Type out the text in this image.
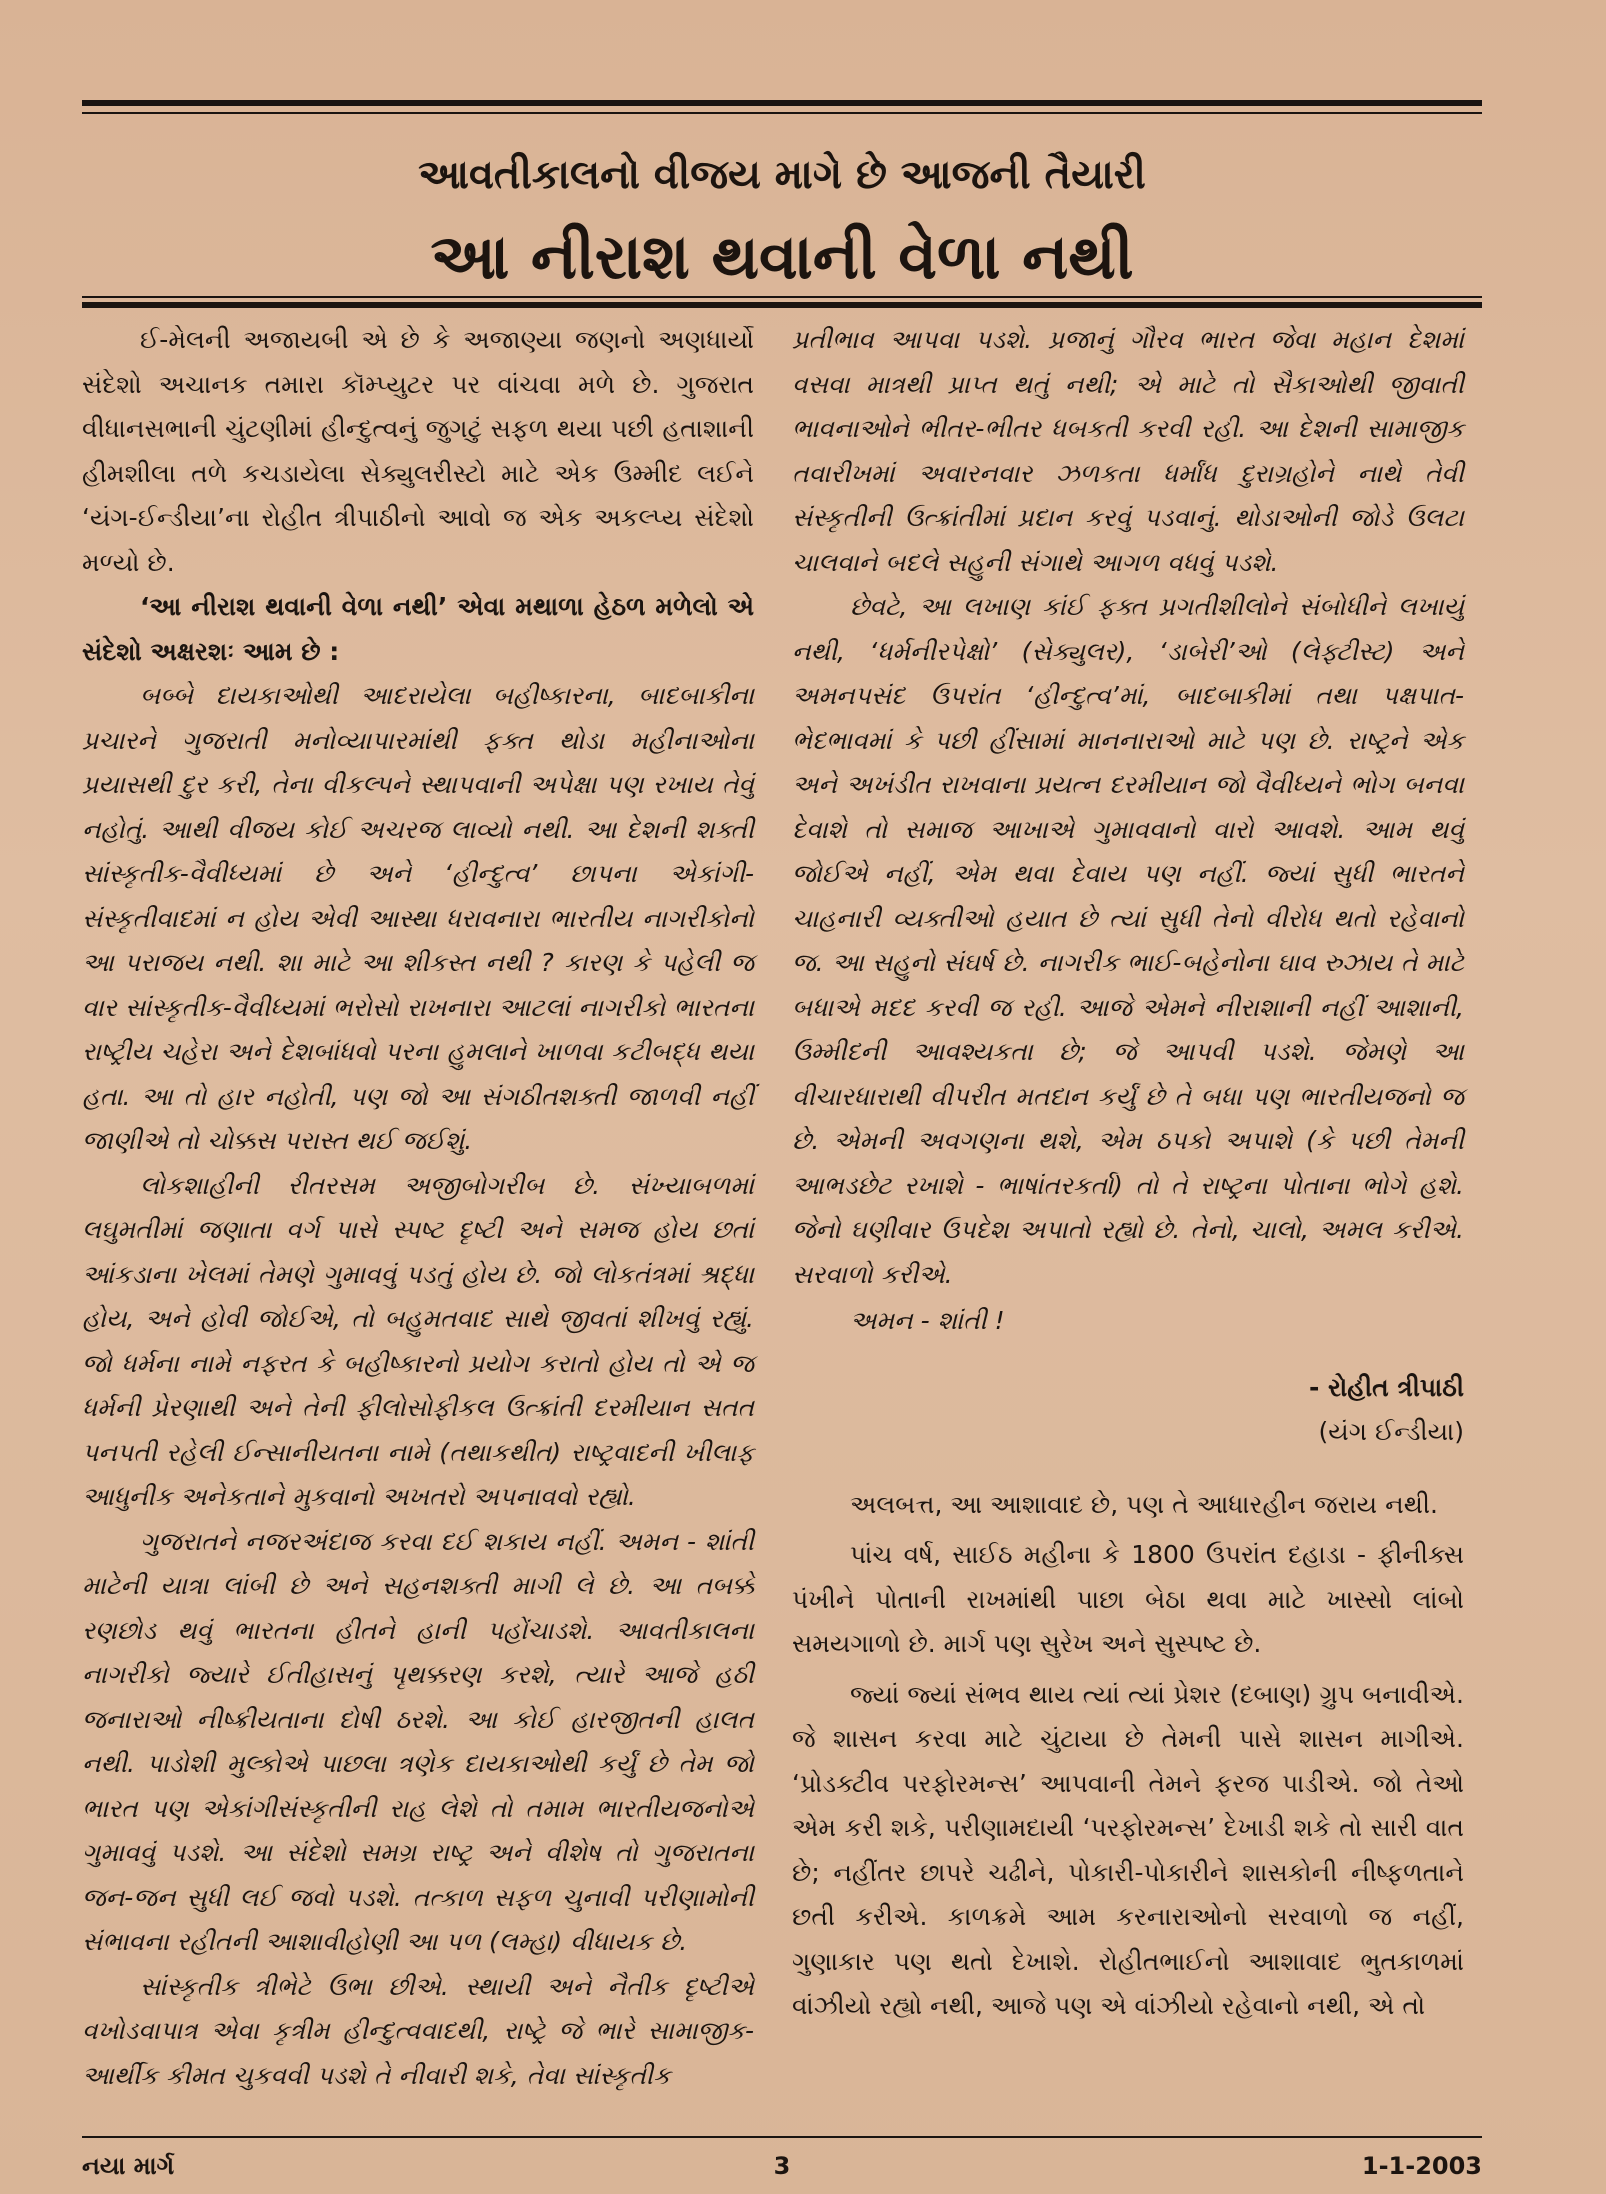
આવતીકાલનો વીજય માગે છે આજની તૈયારી
આ નીરાશ થવાની વેળા નથી

ઈ-મેલની અજાયબી એ છે કે અજાણ્યા જણનો અણધાર્યો સંદેશો અચાનક તમારા કૉમ્પ્યુટર પર વાંચવા મળે છે. ગુજરાત વીધાનસભાની ચુંટણીમાં હીન્દુત્વનું જુગટું સફળ થયા પછી હતાશાની હીમશીલા તળે કચડાયેલા સેક્યુલરીસ્ટો માટે એક ઉમ્મીદ લઈને ‘યંગ-ઈન્ડીયા’ના રોહીત ત્રીપાઠીનો આવો જ એક અકલ્પ્ય સંદેશો મળ્યો છે.

‘આ નીરાશ થવાની વેળા નથી’ એવા મથાળા હેઠળ મળેલો એ સંદેશો અક્ષરશઃ આમ છે :

બબ્બે દાયકાઓથી આદરાયેલા બહીષ્કારના, બાદબાકીના પ્રચારને ગુજરાતી મનોવ્યાપારમાંથી ફક્ત થોડા મહીનાઓના પ્રયાસથી દુર કરી, તેના વીકલ્પને સ્થાપવાની અપેક્ષા પણ રખાય તેવું નહોતું. આથી વીજય કોઈ અચરજ લાવ્યો નથી. આ દેશની શક્તી સાંસ્કૃતીક-વૈવીધ્યમાં છે અને ‘હીન્દુત્વ’ છાપના એકાંગી-સંસ્કૃતીવાદમાં ન હોય એવી આસ્થા ધરાવનારા ભારતીય નાગરીકોનો આ પરાજય નથી. શા માટે આ શીકસ્ત નથી ? કારણ કે પહેલી જ વાર સાંસ્કૃતીક-વૈવીધ્યમાં ભરોસો રાખનારા આટલાં નાગરીકો ભારતના રાષ્ટ્રીય ચહેરા અને દેશબાંધવો પરના હુમલાને ખાળવા કટીબદ્ધ થયા હતા. આ તો હાર નહોતી, પણ જો આ સંગઠીતશક્તી જાળવી નહીં જાણીએ તો ચોક્કસ પરાસ્ત થઈ જઈશું.

લોકશાહીની રીતરસમ અજીબોગરીબ છે. સંખ્યાબળમાં લઘુમતીમાં જણાતા વર્ગ પાસે સ્પષ્ટ દૃષ્ટી અને સમજ હોય છતાં આંકડાના ખેલમાં તેમણે ગુમાવવું પડતું હોય છે. જો લોકતંત્રમાં શ્રદ્ધા હોય, અને હોવી જોઈએ, તો બહુમતવાદ સાથે જીવતાં શીખવું રહ્યું. જો ધર્મના નામે નફરત કે બહીષ્કારનો પ્રયોગ કરાતો હોય તો એ જ ધર્મની પ્રેરણાથી અને તેની ફીલોસોફીકલ ઉત્ક્રાંતી દરમીયાન સતત પનપતી રહેલી ઈન્સાનીયતના નામે (તથાકથીત) રાષ્ટ્રવાદની ખીલાફ આધુનીક અનેકતાને મુકવાનો અખતરો અપનાવવો રહ્યો.

ગુજરાતને નજરઅંદાજ કરવા દઈ શકાય નહીં. અમન - શાંતી માટેની યાત્રા લાંબી છે અને સહનશક્તી માગી લે છે. આ તબક્કે રણછોડ થવું ભારતના હીતને હાની પહોંચાડશે. આવતીકાલના નાગરીકો જ્યારે ઈતીહાસનું પૃથક્કરણ કરશે, ત્યારે આજે હઠી જનારાઓ નીષ્ક્રીયતાના દોષી ઠરશે. આ કોઈ હારજીતની હાલત નથી. પાડોશી મુલ્કોએ પાછલા ત્રણેક દાયકાઓથી કર્યું છે તેમ જો ભારત પણ એકાંગીસંસ્કૃતીની રાહ લેશે તો તમામ ભારતીયજનોએ ગુમાવવું પડશે. આ સંદેશો સમગ્ર રાષ્ટ્ર અને વીશેષ તો ગુજરાતના જન-જન સુધી લઈ જવો પડશે. તત્કાળ સફળ ચુનાવી પરીણામોની સંભાવના રહીતની આશાવીહોણી આ પળ (લમ્હા) વીધાયક છે.

સાંસ્કૃતીક ત્રીભેટે ઉભા છીએ. સ્થાયી અને નૈતીક દૃષ્ટીએ વખોડવાપાત્ર એવા કૃત્રીમ હીન્દુત્વવાદથી, રાષ્ટ્રે જે ભારે સામાજીક-આર્થીક કીમત ચુકવવી પડશે તે નીવારી શકે, તેવા સાંસ્કૃતીક

પ્રતીભાવ આપવા પડશે. પ્રજાનું ગૌરવ ભારત જેવા મહાન દેશમાં વસવા માત્રથી પ્રાપ્ત થતું નથી; એ માટે તો સૈકાઓથી જીવાતી ભાવનાઓને ભીતર-ભીતર ધબકતી કરવી રહી. આ દેશની સામાજીક તવારીખમાં અવારનવાર ઝળકતા ધર્માંધ દુરાગ્રહોને નાથે તેવી સંસ્કૃતીની ઉત્ક્રાંતીમાં પ્રદાન કરવું પડવાનું. થોડાઓની જોડે ઉલટા ચાલવાને બદલે સહુની સંગાથે આગળ વધવું પડશે.

છેવટે, આ લખાણ કાંઈ ફક્ત પ્રગતીશીલોને સંબોધીને લખાયું નથી, ‘ધર્મનીરપેક્ષો’ (સેક્યુલર), ‘ડાબેરી’ઓ (લેફ્ટીસ્ટ) અને અમનપસંદ ઉપરાંત ‘હીન્દુત્વ’માં, બાદબાકીમાં તથા પક્ષપાત-ભેદભાવમાં કે પછી હીંસામાં માનનારાઓ માટે પણ છે. રાષ્ટ્રને એક અને અખંડીત રાખવાના પ્રયત્ન દરમીયાન જો વૈવીધ્યને ભોગ બનવા દેવાશે તો સમાજ આખાએ ગુમાવવાનો વારો આવશે. આમ થવું જોઈએ નહીં, એમ થવા દેવાય પણ નહીં. જ્યાં સુધી ભારતને ચાહનારી વ્યક્તીઓ હયાત છે ત્યાં સુધી તેનો વીરોધ થતો રહેવાનો જ. આ સહુનો સંઘર્ષ છે. નાગરીક ભાઈ-બહેનોના ઘાવ રુઝાય તે માટે બધાએ મદદ કરવી જ રહી. આજે એમને નીરાશાની નહીં આશાની, ઉમ્મીદની આવશ્યકતા છે; જે આપવી પડશે. જેમણે આ વીચારધારાથી વીપરીત મતદાન કર્યું છે તે બધા પણ ભારતીયજનો જ છે. એમની અવગણના થશે, એમ ઠપકો અપાશે (કે પછી તેમની આભડછેટ રખાશે - ભાષાંતરકર્તા) તો તે રાષ્ટ્રના પોતાના ભોગે હશે. જેનો ઘણીવાર ઉપદેશ અપાતો રહ્યો છે. તેનો, ચાલો, અમલ કરીએ. સરવાળો કરીએ.

અમન - શાંતી !

- રોહીત ત્રીપાઠી

(યંગ ઈન્ડીયા)

અલબત્ત, આ આશાવાદ છે, પણ તે આધારહીન જરાય નથી.

પાંચ વર્ષ, સાઈઠ મહીના કે 1800 ઉપરાંત દહાડા - ફીનીક્સ પંખીને પોતાની રાખમાંથી પાછા બેઠા થવા માટે ખાસ્સો લાંબો સમયગાળો છે. માર્ગ પણ સુરેખ અને સુસ્પષ્ટ છે.

જ્યાં જ્યાં સંભવ થાય ત્યાં ત્યાં પ્રેશર (દબાણ) ગ્રુપ બનાવીએ. જે શાસન કરવા માટે ચુંટાયા છે તેમની પાસે શાસન માગીએ. ‘પ્રોડક્ટીવ પરફોરમન્સ’ આપવાની તેમને ફરજ પાડીએ. જો તેઓ એમ કરી શકે, પરીણામદાયી ‘પરફોરમન્સ’ દેખાડી શકે તો સારી વાત છે; નહીંતર છાપરે ચઢીને, પોકારી-પોકારીને શાસકોની નીષ્ફળતાને છતી કરીએ. કાળક્રમે આમ કરનારાઓનો સરવાળો જ નહીં, ગુણાકાર પણ થતો દેખાશે. રોહીતભાઈનો આશાવાદ ભુતકાળમાં વાંઝીયો રહ્યો નથી, આજે પણ એ વાંઝીયો રહેવાનો નથી, એ તો

નયા માર્ગ	3	1-1-2003
